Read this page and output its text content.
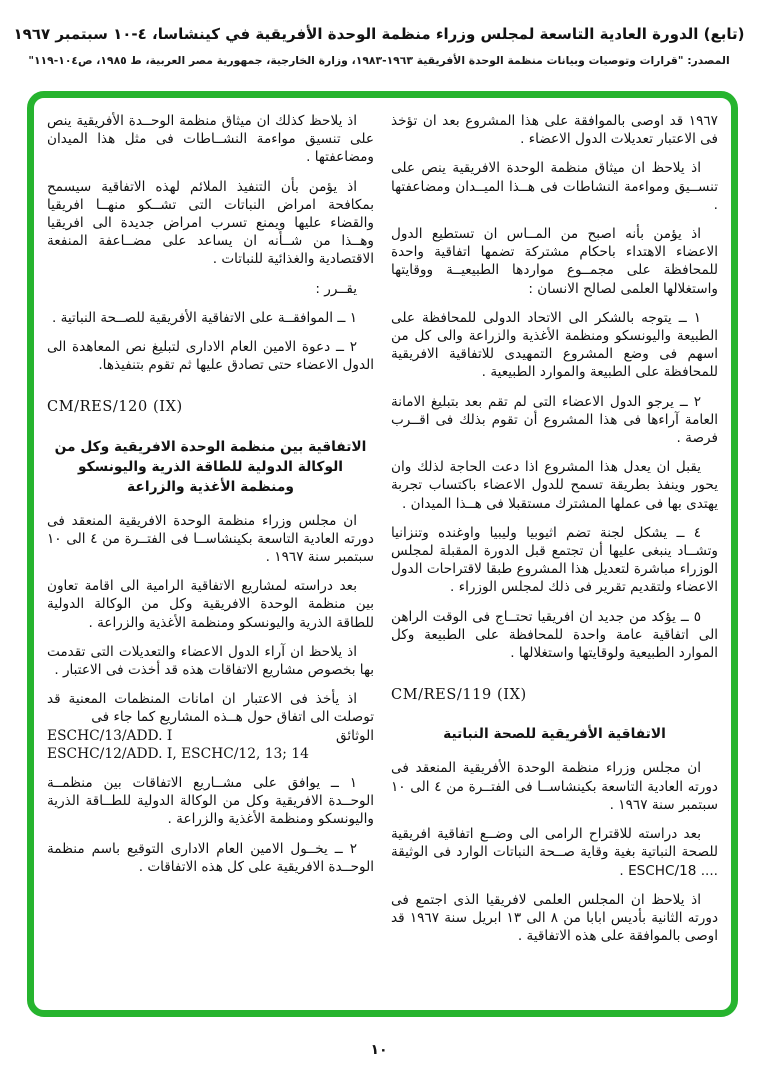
(تابع) الدورة العادية التاسعة لمجلس وزراء منظمة الوحدة الأفريقية في كينشاسا، ٤-١٠ سبتمبر ١٩٦٧
المصدر: "قرارات وتوصيات وبيانات منظمة الوحدة الأفريقية ١٩٦٣-١٩٨٣، وزارة الخارجية، جمهورية مصر العربية، ط ١٩٨٥، ص١٠٤-١١٩"
١٩٦٧ قد اوصى بالموافقة على هذا المشروع بعد ان تؤخذ فى الاعتبار تعديلات الدول الاعضاء .
اذ يلاحظ ان ميثاق منظمة الوحدة الافريقية ينص على تنســيق ومواءمة النشاطات فى هــذا الميــدان ومضاعفتها .
اذ يؤمن بأنه اصبح من المــاس ان تستطيع الدول الاعضاء الاهتداء باحكام مشتركة تضمها اتفاقية واحدة للمحافظة على مجمــوع مواردها الطبيعيــة ووقايتها واستغلالها العلمى لصالح الانسان :
١ ــ يتوجه بالشكر الى الاتحاد الدولى للمحافظة على الطبيعة واليونسكو ومنظمة الأغذية والزراعة والى كل من اسهم فى وضع المشروع التمهيدى للاتفاقية الافريقية للمحافظة على الطبيعة والموارد الطبيعية .
٢ ــ يرجو الدول الاعضاء التى لم تقم بعد بتبليغ الامانة العامة آراءها فى هذا المشروع أن تقوم بذلك فى اقــرب فرصة .
يقبل ان يعدل هذا المشروع اذا دعت الحاجة لذلك وان يحور وينفذ بطريقة تسمح للدول الاعضاء باكتساب تجربة يهتدى بها فى عملها المشترك مستقبلا فى هــذا الميدان .
٤ ــ يشكل لجنة تضم اثيوبيا وليبيا واوغنده وتنزانيا وتشــاد ينبغى عليها أن تجتمع قبل الدورة المقبلة لمجلس الوزراء مباشرة لتعديل هذا المشروع طبقا لاقتراحات الدول الاعضاء ولتقديم تقرير فى ذلك لمجلس الوزراء .
٥ ــ يؤكد من جديد ان افريقيا تحتــاج فى الوقت الراهن الى اتفاقية عامة واحدة للمحافظة على الطبيعة وكل الموارد الطبيعية ولوقايتها واستغلالها .
CM/RES/119 (IX)
الاتفاقية الأفريقية للصحة النباتية
ان مجلس وزراء منظمة الوحدة الأفريقية المنعقد فى دورته العادية التاسعة بكينشاســا فى الفتــرة من ٤ الى ١٠ سبتمبر سنة ١٩٦٧ .
بعد دراسته للاقتراح الرامى الى وضــع اتفاقية افريقية للصحة النباتية بغية وقاية صــحة النباتات الوارد فى الوثيقة .... ESCHC/18 .
اذ يلاحظ ان المجلس العلمى لافريقيا الذى اجتمع فى دورته الثانية بأديس ابابا من ٨ الى ١٣ ابريل سنة ١٩٦٧ قد اوصى بالموافقة على هذه الاتفاقية .
اذ يلاحظ كذلك ان ميثاق منظمة الوحــدة الأفريقية ينص على تنسيق مواءمة النشــاطات فى مثل هذا الميدان ومضاعفتها .
اذ يؤمن بأن التنفيذ الملائم لهذه الاتفاقية سيسمح بمكافحة امراض النباتات التى تشــكو منهــا افريقيا والقضاء عليها ويمنع تسرب امراض جديدة الى افريقيا وهــذا من شــأنه ان يساعد على مضــاعفة المنفعة الاقتصادية والغذائية للنباتات .
يقــرر :
١ ــ الموافقــة على الاتفاقية الأفريقية للصــحة النباتية .
٢ ــ دعوة الامين العام الادارى لتبليغ نص المعاهدة الى الدول الاعضاء حتى تصادق عليها ثم تقوم بتنفيذها.
CM/RES/120 (IX)
الاتفاقية بين منظمة الوحدة الافريقية وكل من
الوكالة الدولية للطاقة الذرية واليونسكو
ومنظمة الأغذية والزراعة
ان مجلس وزراء منظمة الوحدة الافريقية المنعقد فى دورته العادية التاسعة بكينشاســا فى الفتــرة من ٤ الى ١٠ سبتمبر سنة ١٩٦٧ .
بعد دراسته لمشاريع الاتفاقية الرامية الى اقامة تعاون بين منظمة الوحدة الافريقية وكل من الوكالة الدولية للطاقة الذرية واليونسكو ومنظمة الأغذية والزراعة .
اذ يلاحظ ان آراء الدول الاعضاء والتعديلات التى تقدمت بها بخصوص مشاريع الاتفاقات هذه قد أخذت فى الاعتبار .
اذ يأخذ فى الاعتبار ان امانات المنظمات المعنية قد توصلت الى اتفاق حول هــذه المشاريع كما جاء فى
الوثائق
ESCHC/13/ADD. I
ESCHC/12/ADD. I, ESCHC/12, 13; 14
١ ــ يوافق على مشــاريع الاتفاقات بين منظمــة الوحــدة الافريقية وكل من الوكالة الدولية للطــاقة الذرية واليونسكو ومنظمة الأغذية والزراعة .
٢ ــ يخــول الامين العام الادارى التوقيع باسم منظمة الوحــدة الافريقية على كل هذه الاتفاقات .
١٠
